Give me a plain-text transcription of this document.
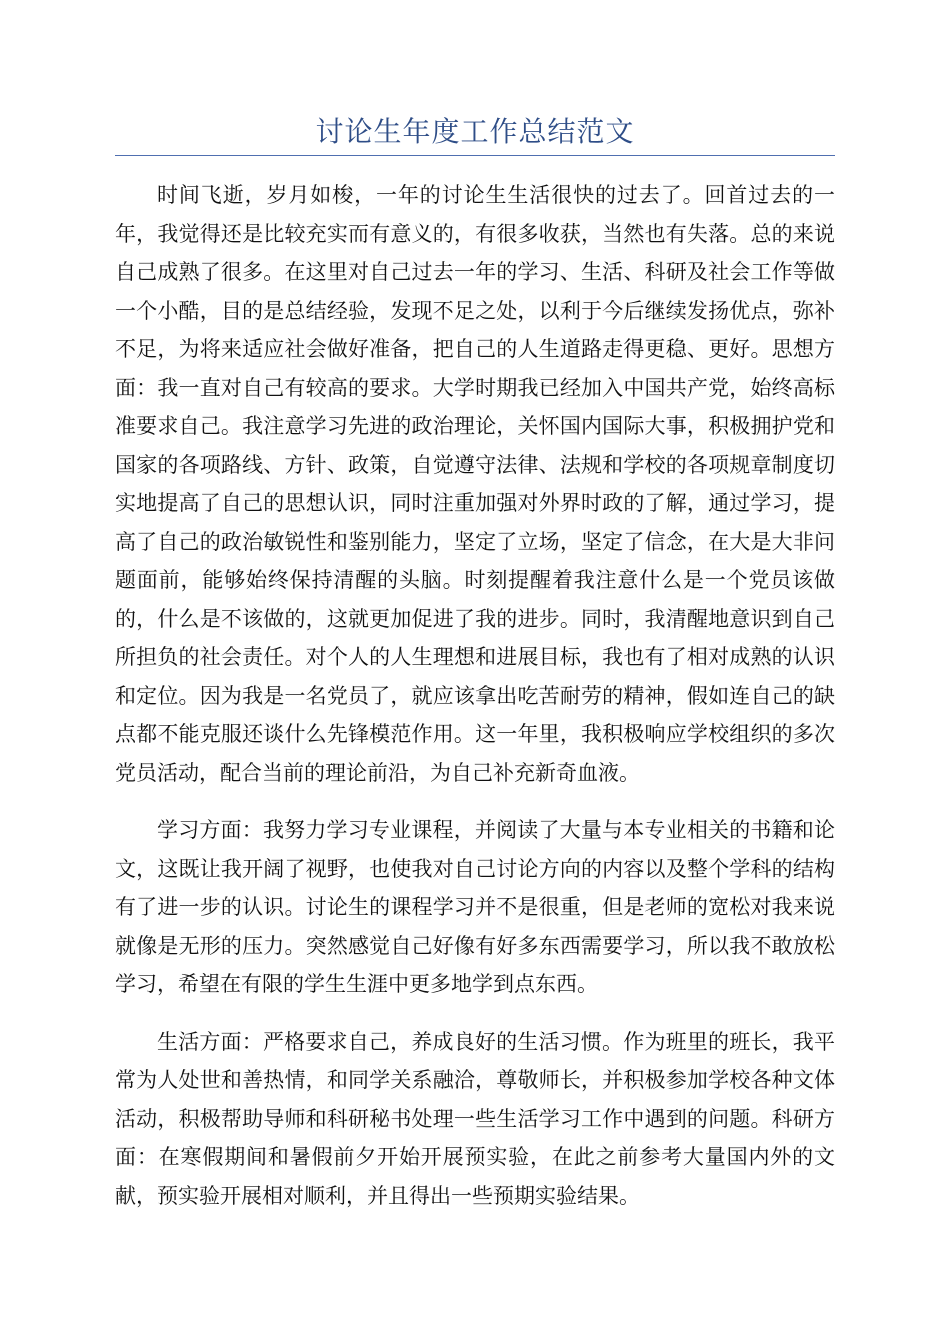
讨论生年度工作总结范文

时间飞逝，岁月如梭，一年的讨论生生活很快的过去了。回首过去的一年，我觉得还是比较充实而有意义的，有很多收获，当然也有失落。总的来说自己成熟了很多。在这里对自己过去一年的学习、生活、科研及社会工作等做一个小酷，目的是总结经验，发现不足之处，以利于今后继续发扬优点，弥补不足，为将来适应社会做好准备，把自己的人生道路走得更稳、更好。思想方面：我一直对自己有较高的要求。大学时期我已经加入中国共产党，始终高标准要求自己。我注意学习先进的政治理论，关怀国内国际大事，积极拥护党和国家的各项路线、方针、政策，自觉遵守法律、法规和学校的各项规章制度切实地提高了自己的思想认识，同时注重加强对外界时政的了解，通过学习，提高了自己的政治敏锐性和鉴别能力，坚定了立场，坚定了信念，在大是大非问题面前，能够始终保持清醒的头脑。时刻提醒着我注意什么是一个党员该做的，什么是不该做的，这就更加促进了我的进步。同时，我清醒地意识到自己所担负的社会责任。对个人的人生理想和进展目标，我也有了相对成熟的认识和定位。因为我是一名党员了，就应该拿出吃苦耐劳的精神，假如连自己的缺点都不能克服还谈什么先锋模范作用。这一年里，我积极响应学校组织的多次党员活动，配合当前的理论前沿，为自己补充新奇血液。

学习方面：我努力学习专业课程，并阅读了大量与本专业相关的书籍和论文，这既让我开阔了视野，也使我对自己讨论方向的内容以及整个学科的结构有了进一步的认识。讨论生的课程学习并不是很重，但是老师的宽松对我来说就像是无形的压力。突然感觉自己好像有好多东西需要学习，所以我不敢放松学习，希望在有限的学生生涯中更多地学到点东西。

生活方面：严格要求自己，养成良好的生活习惯。作为班里的班长，我平常为人处世和善热情，和同学关系融洽，尊敬师长，并积极参加学校各种文体活动，积极帮助导师和科研秘书处理一些生活学习工作中遇到的问题。科研方面：在寒假期间和暑假前夕开始开展预实验，在此之前参考大量国内外的文献，预实验开展相对顺利，并且得出一些预期实验结果。
